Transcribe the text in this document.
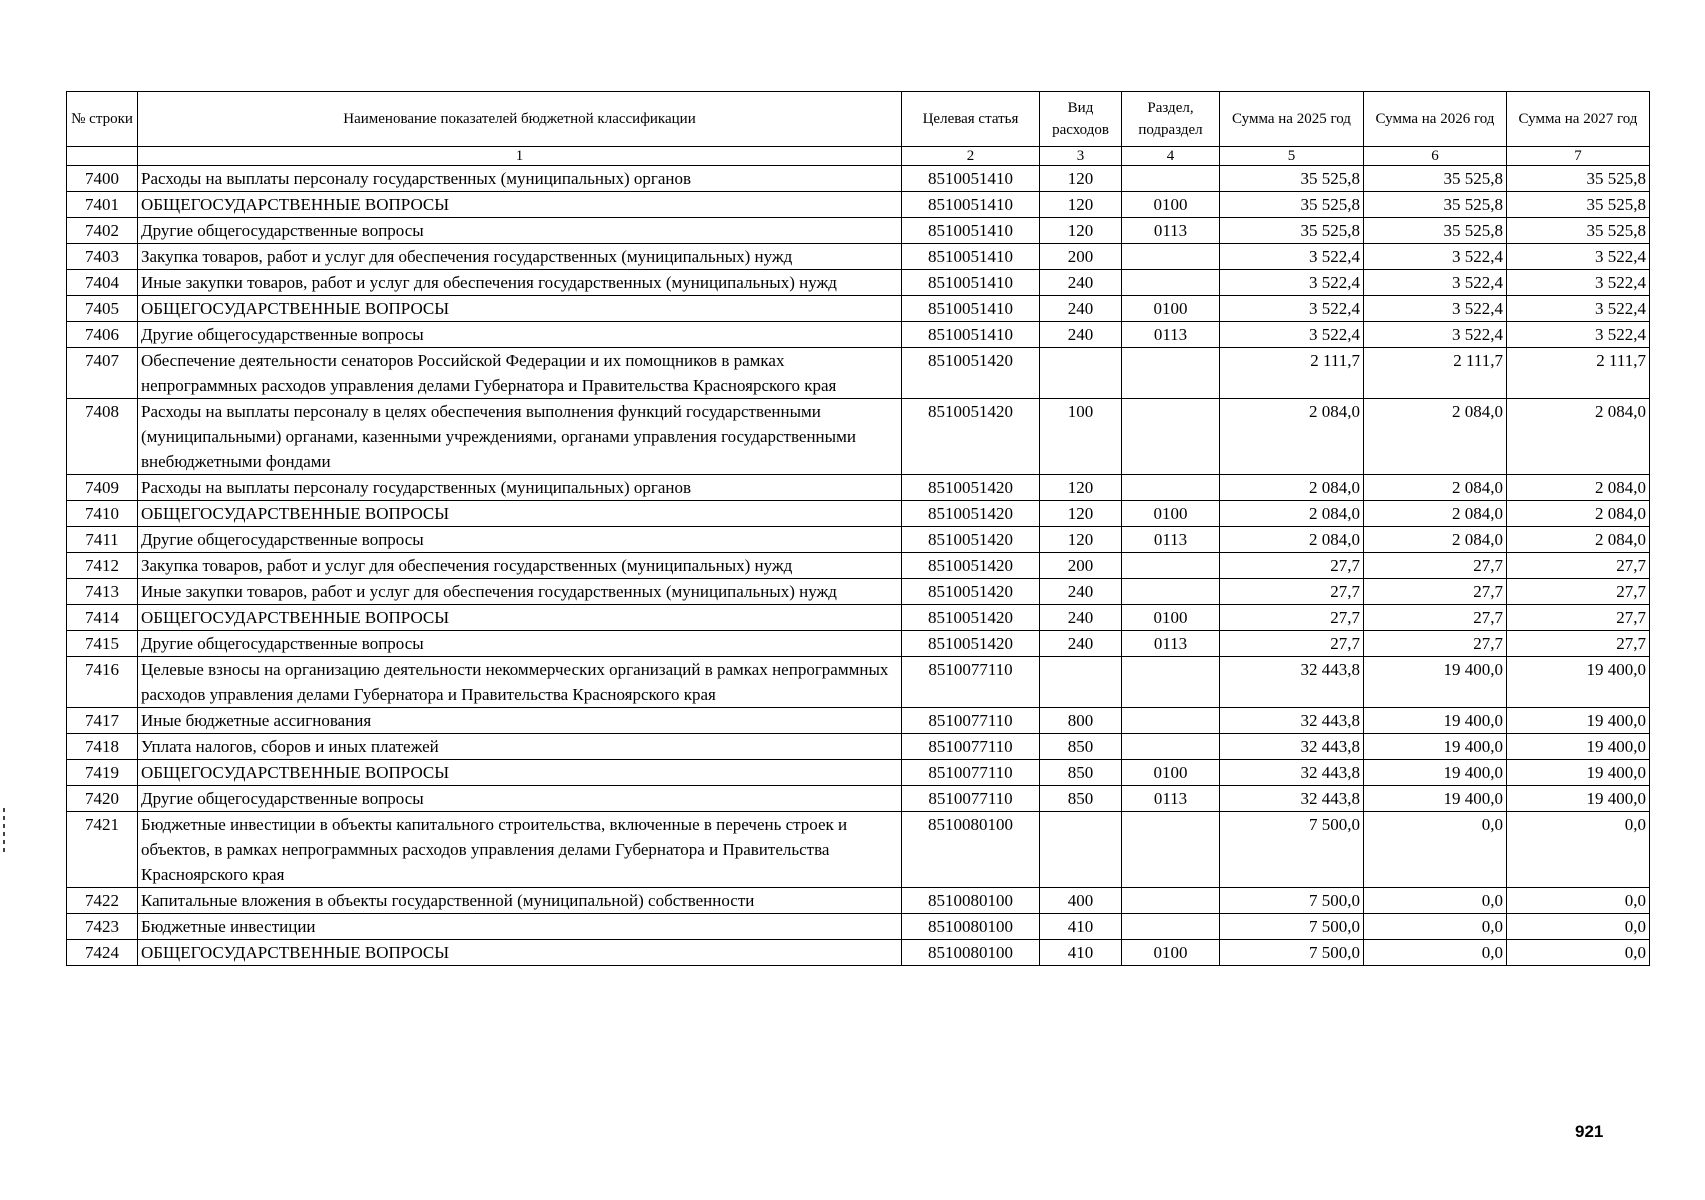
№ строки	Наименование показателей бюджетной классификации	Целевая статья	Вид расходов	Раздел, подраздел	Сумма на 2025 год	Сумма на 2026 год	Сумма на 2027 год
	1	2	3	4	5	6	7
7400	Расходы на выплаты персоналу государственных (муниципальных) органов	8510051410	120		35 525,8	35 525,8	35 525,8
7401	ОБЩЕГОСУДАРСТВЕННЫЕ ВОПРОСЫ	8510051410	120	0100	35 525,8	35 525,8	35 525,8
7402	Другие общегосударственные вопросы	8510051410	120	0113	35 525,8	35 525,8	35 525,8
7403	Закупка товаров, работ и услуг для обеспечения государственных (муниципальных) нужд	8510051410	200		3 522,4	3 522,4	3 522,4
7404	Иные закупки товаров, работ и услуг для обеспечения государственных (муниципальных) нужд	8510051410	240		3 522,4	3 522,4	3 522,4
7405	ОБЩЕГОСУДАРСТВЕННЫЕ ВОПРОСЫ	8510051410	240	0100	3 522,4	3 522,4	3 522,4
7406	Другие общегосударственные вопросы	8510051410	240	0113	3 522,4	3 522,4	3 522,4
7407	Обеспечение деятельности сенаторов Российской Федерации и их помощников в рамках непрограммных расходов управления делами Губернатора и Правительства Красноярского края	8510051420			2 111,7	2 111,7	2 111,7
7408	Расходы на выплаты персоналу в целях обеспечения выполнения функций государственными (муниципальными) органами, казенными учреждениями, органами управления государственными внебюджетными фондами	8510051420	100		2 084,0	2 084,0	2 084,0
7409	Расходы на выплаты персоналу государственных (муниципальных) органов	8510051420	120		2 084,0	2 084,0	2 084,0
7410	ОБЩЕГОСУДАРСТВЕННЫЕ ВОПРОСЫ	8510051420	120	0100	2 084,0	2 084,0	2 084,0
7411	Другие общегосударственные вопросы	8510051420	120	0113	2 084,0	2 084,0	2 084,0
7412	Закупка товаров, работ и услуг для обеспечения государственных (муниципальных) нужд	8510051420	200		27,7	27,7	27,7
7413	Иные закупки товаров, работ и услуг для обеспечения государственных (муниципальных) нужд	8510051420	240		27,7	27,7	27,7
7414	ОБЩЕГОСУДАРСТВЕННЫЕ ВОПРОСЫ	8510051420	240	0100	27,7	27,7	27,7
7415	Другие общегосударственные вопросы	8510051420	240	0113	27,7	27,7	27,7
7416	Целевые взносы на организацию деятельности некоммерческих организаций в рамках непрограммных расходов управления делами Губернатора и Правительства Красноярского края	8510077110			32 443,8	19 400,0	19 400,0
7417	Иные бюджетные ассигнования	8510077110	800		32 443,8	19 400,0	19 400,0
7418	Уплата налогов, сборов и иных платежей	8510077110	850		32 443,8	19 400,0	19 400,0
7419	ОБЩЕГОСУДАРСТВЕННЫЕ ВОПРОСЫ	8510077110	850	0100	32 443,8	19 400,0	19 400,0
7420	Другие общегосударственные вопросы	8510077110	850	0113	32 443,8	19 400,0	19 400,0
7421	Бюджетные инвестиции в объекты капитального строительства, включенные в перечень строек и объектов, в рамках непрограммных расходов управления делами Губернатора и Правительства Красноярского края	8510080100			7 500,0	0,0	0,0
7422	Капитальные вложения в объекты государственной (муниципальной) собственности	8510080100	400		7 500,0	0,0	0,0
7423	Бюджетные инвестиции	8510080100	410		7 500,0	0,0	0,0
7424	ОБЩЕГОСУДАРСТВЕННЫЕ ВОПРОСЫ	8510080100	410	0100	7 500,0	0,0	0,0
921
